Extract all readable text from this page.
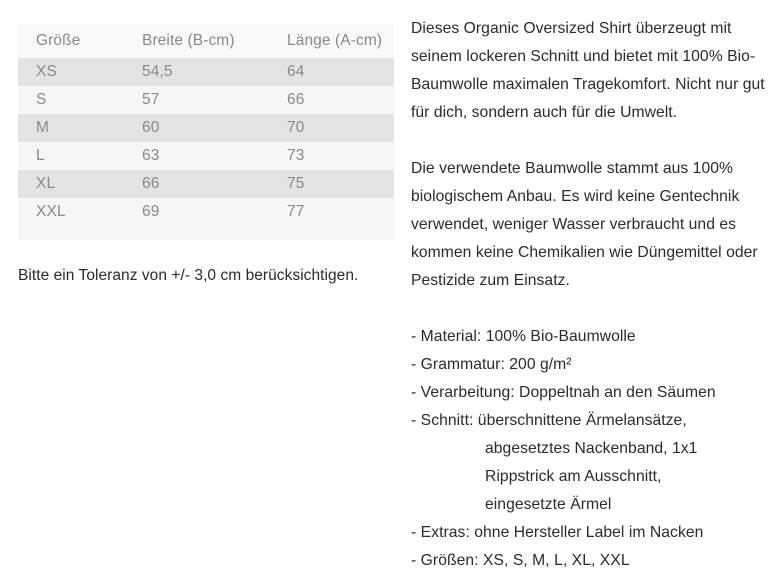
Größe	Breite (B-cm)	Länge (A-cm)
XS	54,5	64
S	57	66
M	60	70
L	63	73
XL	66	75
XXL	69	77
Bitte ein Toleranz von +/- 3,0 cm berücksichtigen.

Dieses Organic Oversized Shirt überzeugt mit seinem lockeren Schnitt und bietet mit 100% Bio-Baumwolle maximalen Tragekomfort. Nicht nur gut für dich, sondern auch für die Umwelt.

Die verwendete Baumwolle stammt aus 100% biologischem Anbau. Es wird keine Gentechnik verwendet, weniger Wasser verbraucht und es kommen keine Chemikalien wie Düngemittel oder Pestizide zum Einsatz.

- Material: 100% Bio-Baumwolle
- Grammatur: 200 g/m²
- Verarbeitung: Doppeltnah an den Säumen
- Schnitt: überschnittene Ärmelansätze,
abgesetztes Nackenband, 1x1
Rippstrick am Ausschnitt,
eingesetzte Ärmel
- Extras: ohne Hersteller Label im Nacken
- Größen: XS, S, M, L, XL, XXL
